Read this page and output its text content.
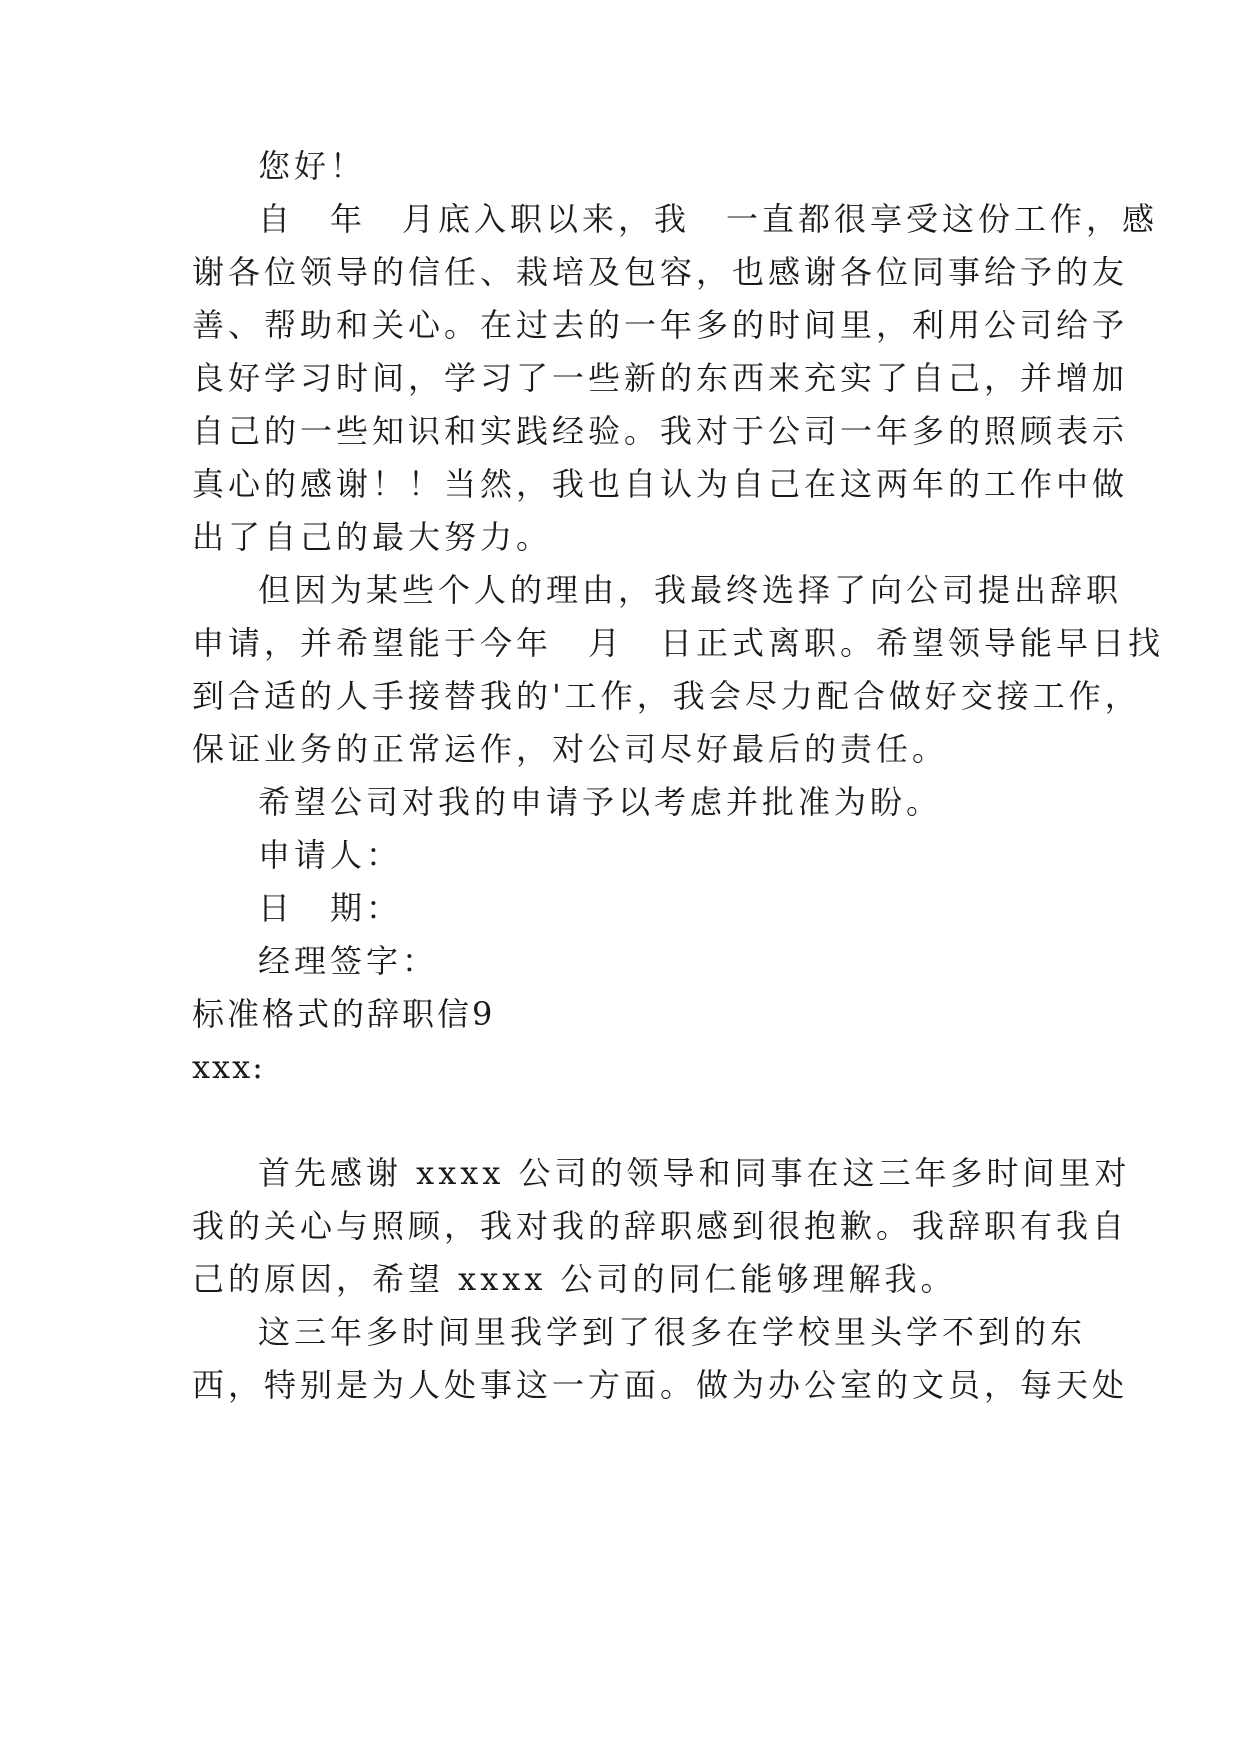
您好！
自　年　月底入职以来，我　一直都很享受这份工作，感
谢各位领导的信任、栽培及包容，也感谢各位同事给予的友
善、帮助和关心。在过去的一年多的时间里，利用公司给予
良好学习时间，学习了一些新的东西来充实了自己，并增加
自己的一些知识和实践经验。我对于公司一年多的照顾表示
真心的感谢！！当然，我也自认为自己在这两年的工作中做
出了自己的最大努力。
但因为某些个人的理由，我最终选择了向公司提出辞职
申请，并希望能于今年　月　日正式离职。希望领导能早日找
到合适的人手接替我的'工作，我会尽力配合做好交接工作，
保证业务的正常运作，对公司尽好最后的责任。
希望公司对我的申请予以考虑并批准为盼。
申请人：
日　期：
经理签字：
标准格式的辞职信9
xxx:
首先感谢 xxxx 公司的领导和同事在这三年多时间里对
我的关心与照顾，我对我的辞职感到很抱歉。我辞职有我自
己的原因，希望 xxxx 公司的同仁能够理解我。
这三年多时间里我学到了很多在学校里头学不到的东
西，特别是为人处事这一方面。做为办公室的文员，每天处
